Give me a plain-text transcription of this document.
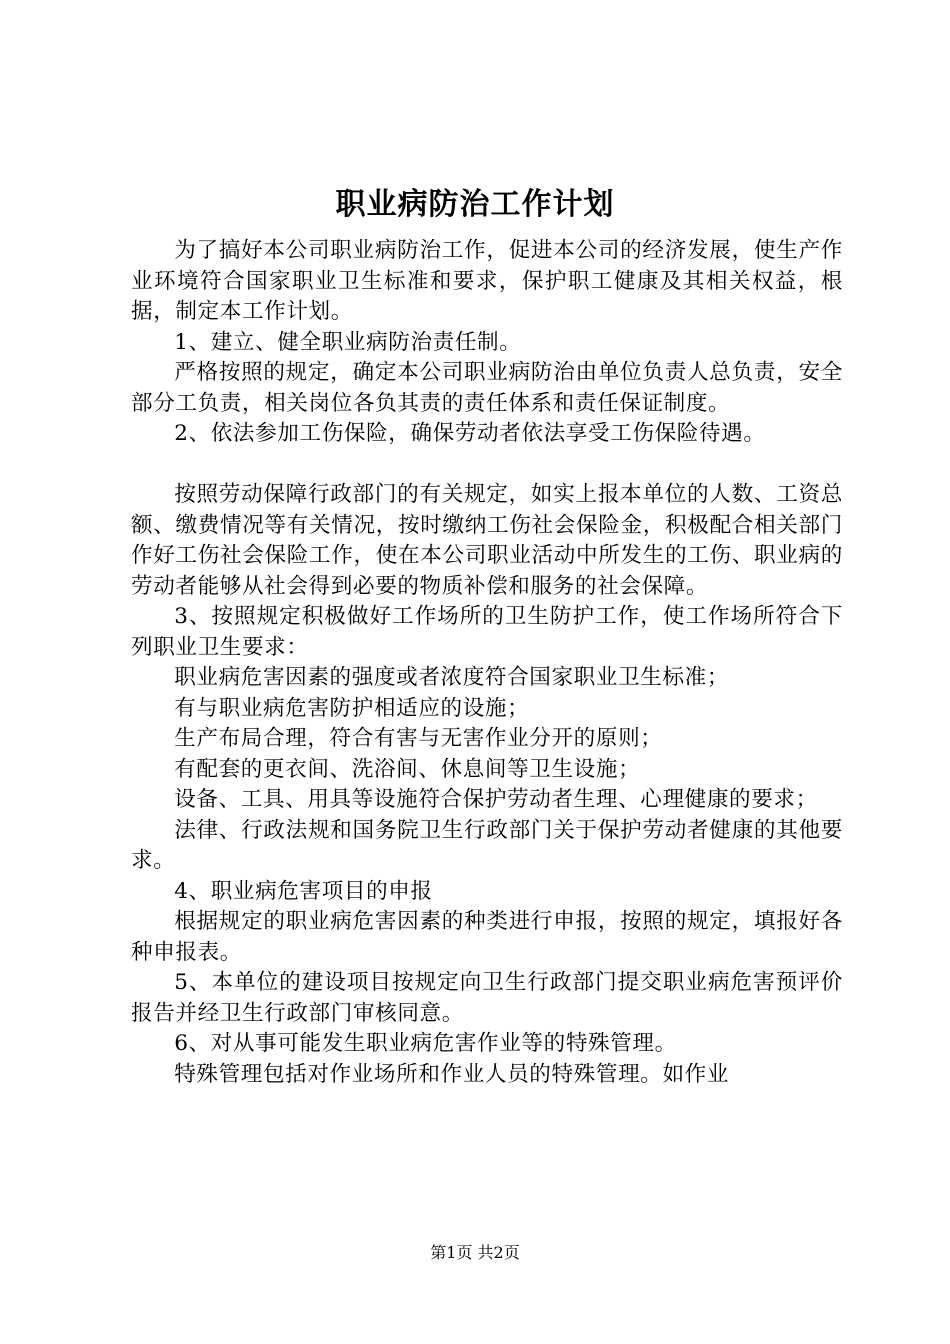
职业病防治工作计划

为了搞好本公司职业病防治工作，促进本公司的经济发展，使生产作业环境符合国家职业卫生标准和要求，保护职工健康及其相关权益，根据，制定本工作计划。

1、建立、健全职业病防治责任制。

严格按照的规定，确定本公司职业病防治由单位负责人总负责，安全部分工负责，相关岗位各负其责的责任体系和责任保证制度。

2、依法参加工伤保险，确保劳动者依法享受工伤保险待遇。

按照劳动保障行政部门的有关规定，如实上报本单位的人数、工资总额、缴费情况等有关情况，按时缴纳工伤社会保险金，积极配合相关部门作好工伤社会保险工作，使在本公司职业活动中所发生的工伤、职业病的劳动者能够从社会得到必要的物质补偿和服务的社会保障。

3、按照规定积极做好工作场所的卫生防护工作，使工作场所符合下列职业卫生要求：

职业病危害因素的强度或者浓度符合国家职业卫生标准；

有与职业病危害防护相适应的设施；

生产布局合理，符合有害与无害作业分开的原则；

有配套的更衣间、洗浴间、休息间等卫生设施；

设备、工具、用具等设施符合保护劳动者生理、心理健康的要求；

法律、行政法规和国务院卫生行政部门关于保护劳动者健康的其他要求。

4、职业病危害项目的申报

根据规定的职业病危害因素的种类进行申报，按照的规定，填报好各种申报表。

5、本单位的建设项目按规定向卫生行政部门提交职业病危害预评价报告并经卫生行政部门审核同意。

6、对从事可能发生职业病危害作业等的特殊管理。

特殊管理包括对作业场所和作业人员的特殊管理。如作业

第1页 共2页
